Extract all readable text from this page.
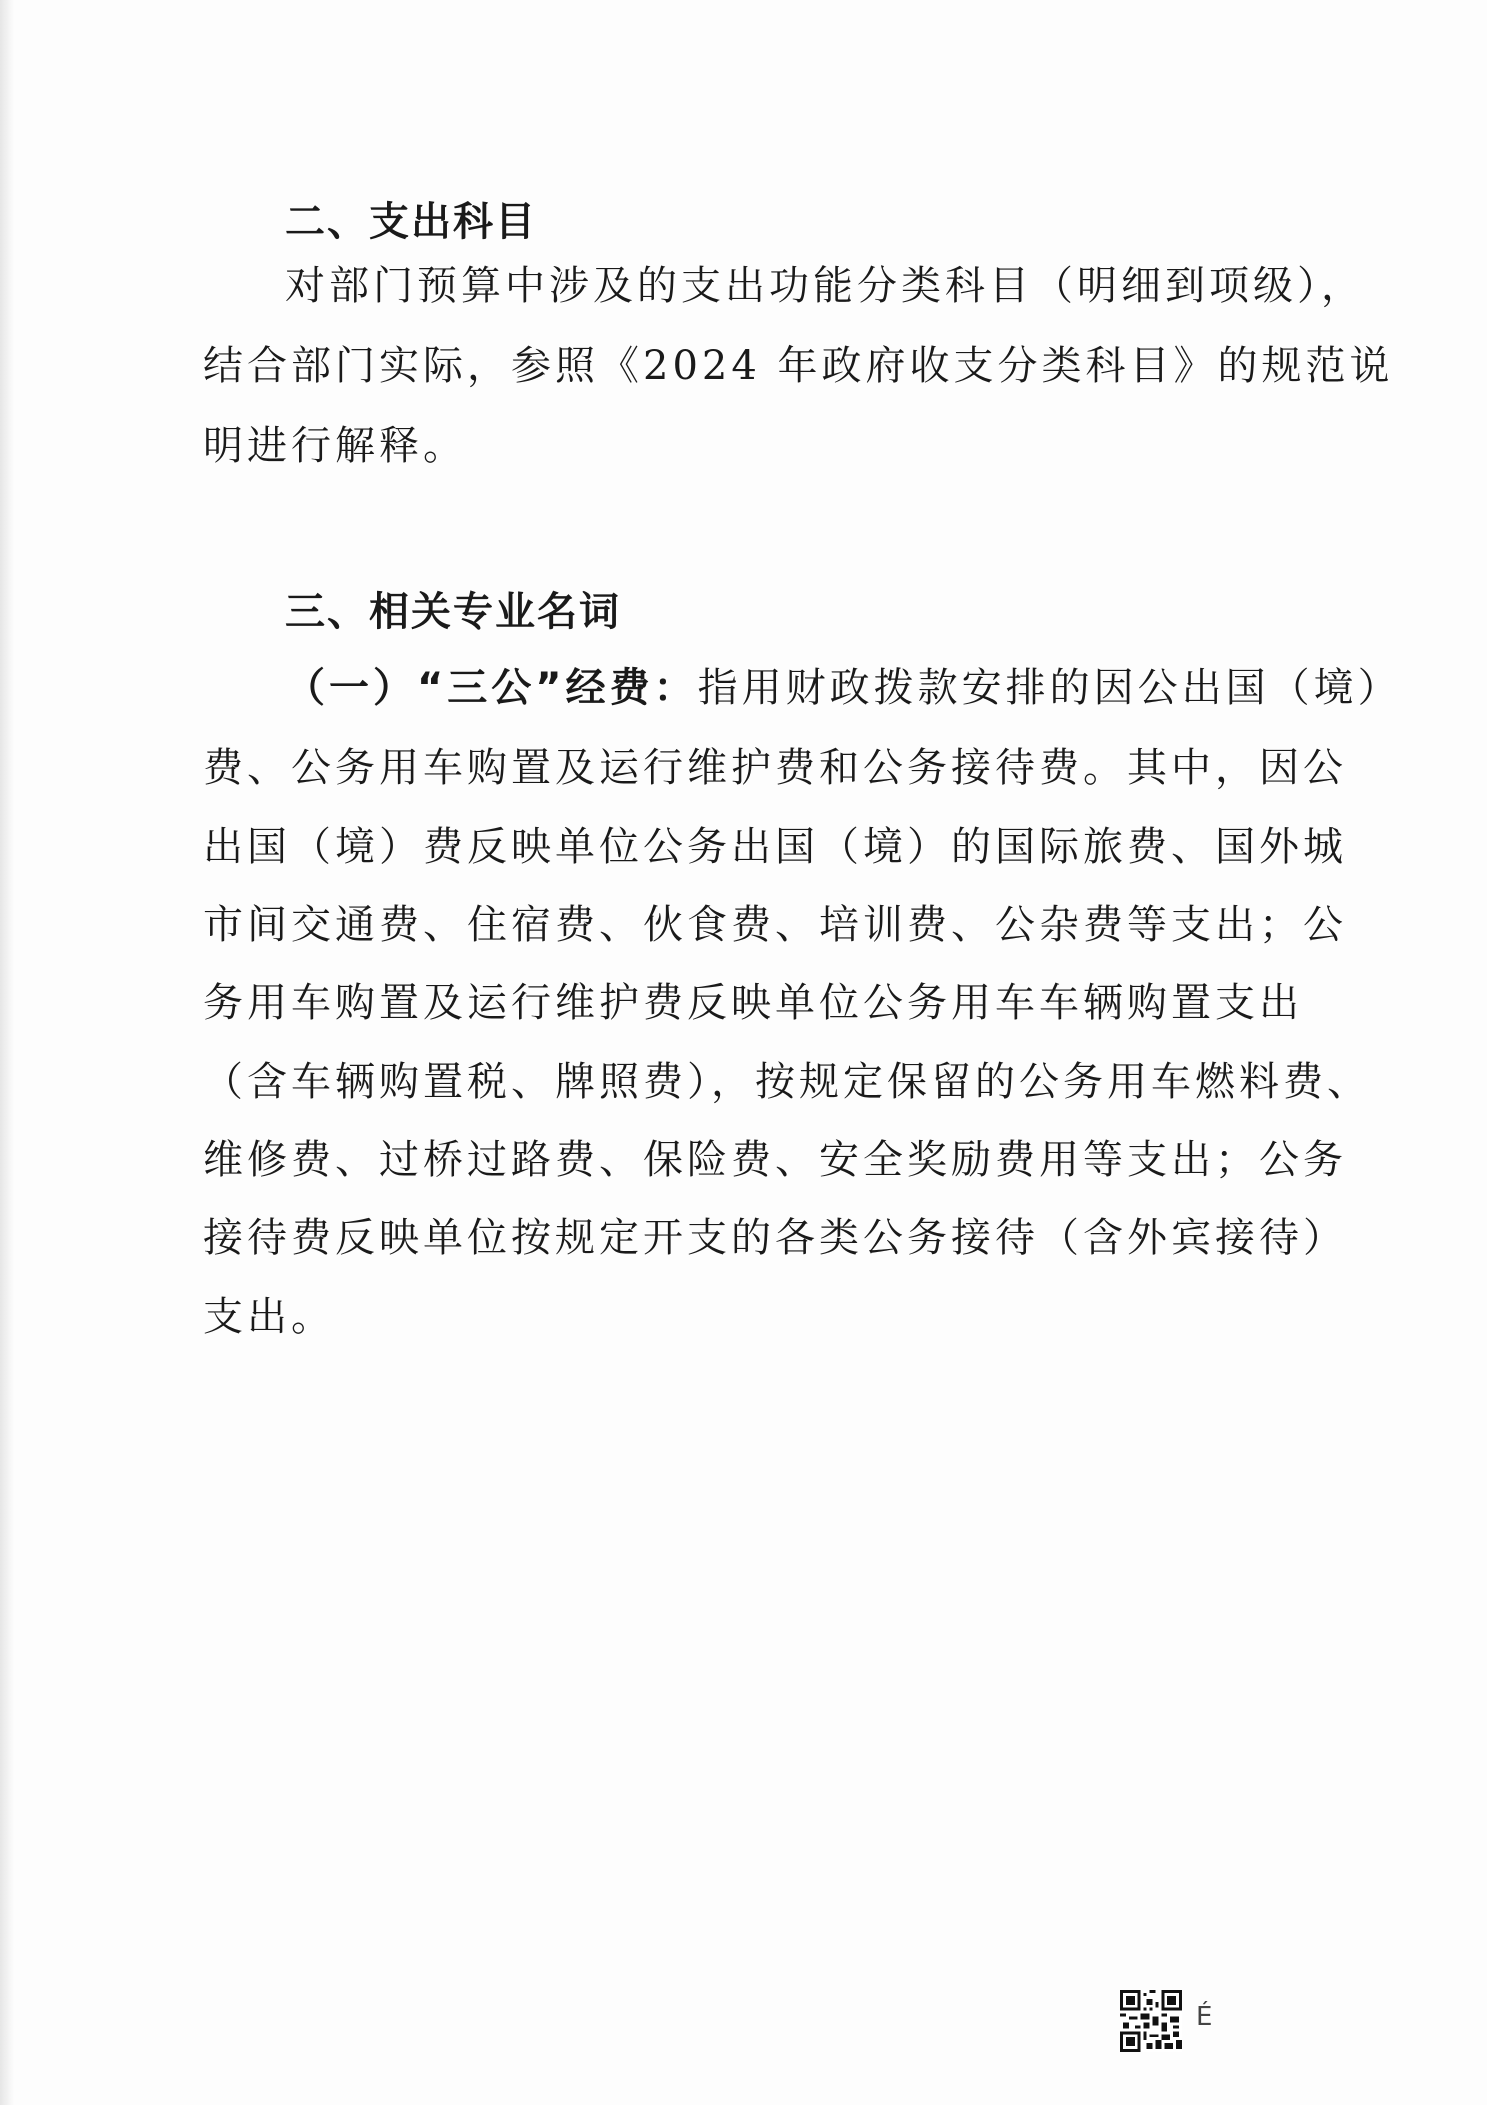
二、支出科目
对部门预算中涉及的支出功能分类科目（明细到项级），
结合部门实际，参照《2024 年政府收支分类科目》的规范说
明进行解释。
三、相关专业名词
（一）“三公”经费：指用财政拨款安排的因公出国（境）
费、公务用车购置及运行维护费和公务接待费。其中，因公
出国（境）费反映单位公务出国（境）的国际旅费、国外城
市间交通费、住宿费、伙食费、培训费、公杂费等支出；公
务用车购置及运行维护费反映单位公务用车车辆购置支出
（含车辆购置税、牌照费），按规定保留的公务用车燃料费、
维修费、过桥过路费、保险费、安全奖励费用等支出；公务
接待费反映单位按规定开支的各类公务接待（含外宾接待）
支出。
É
